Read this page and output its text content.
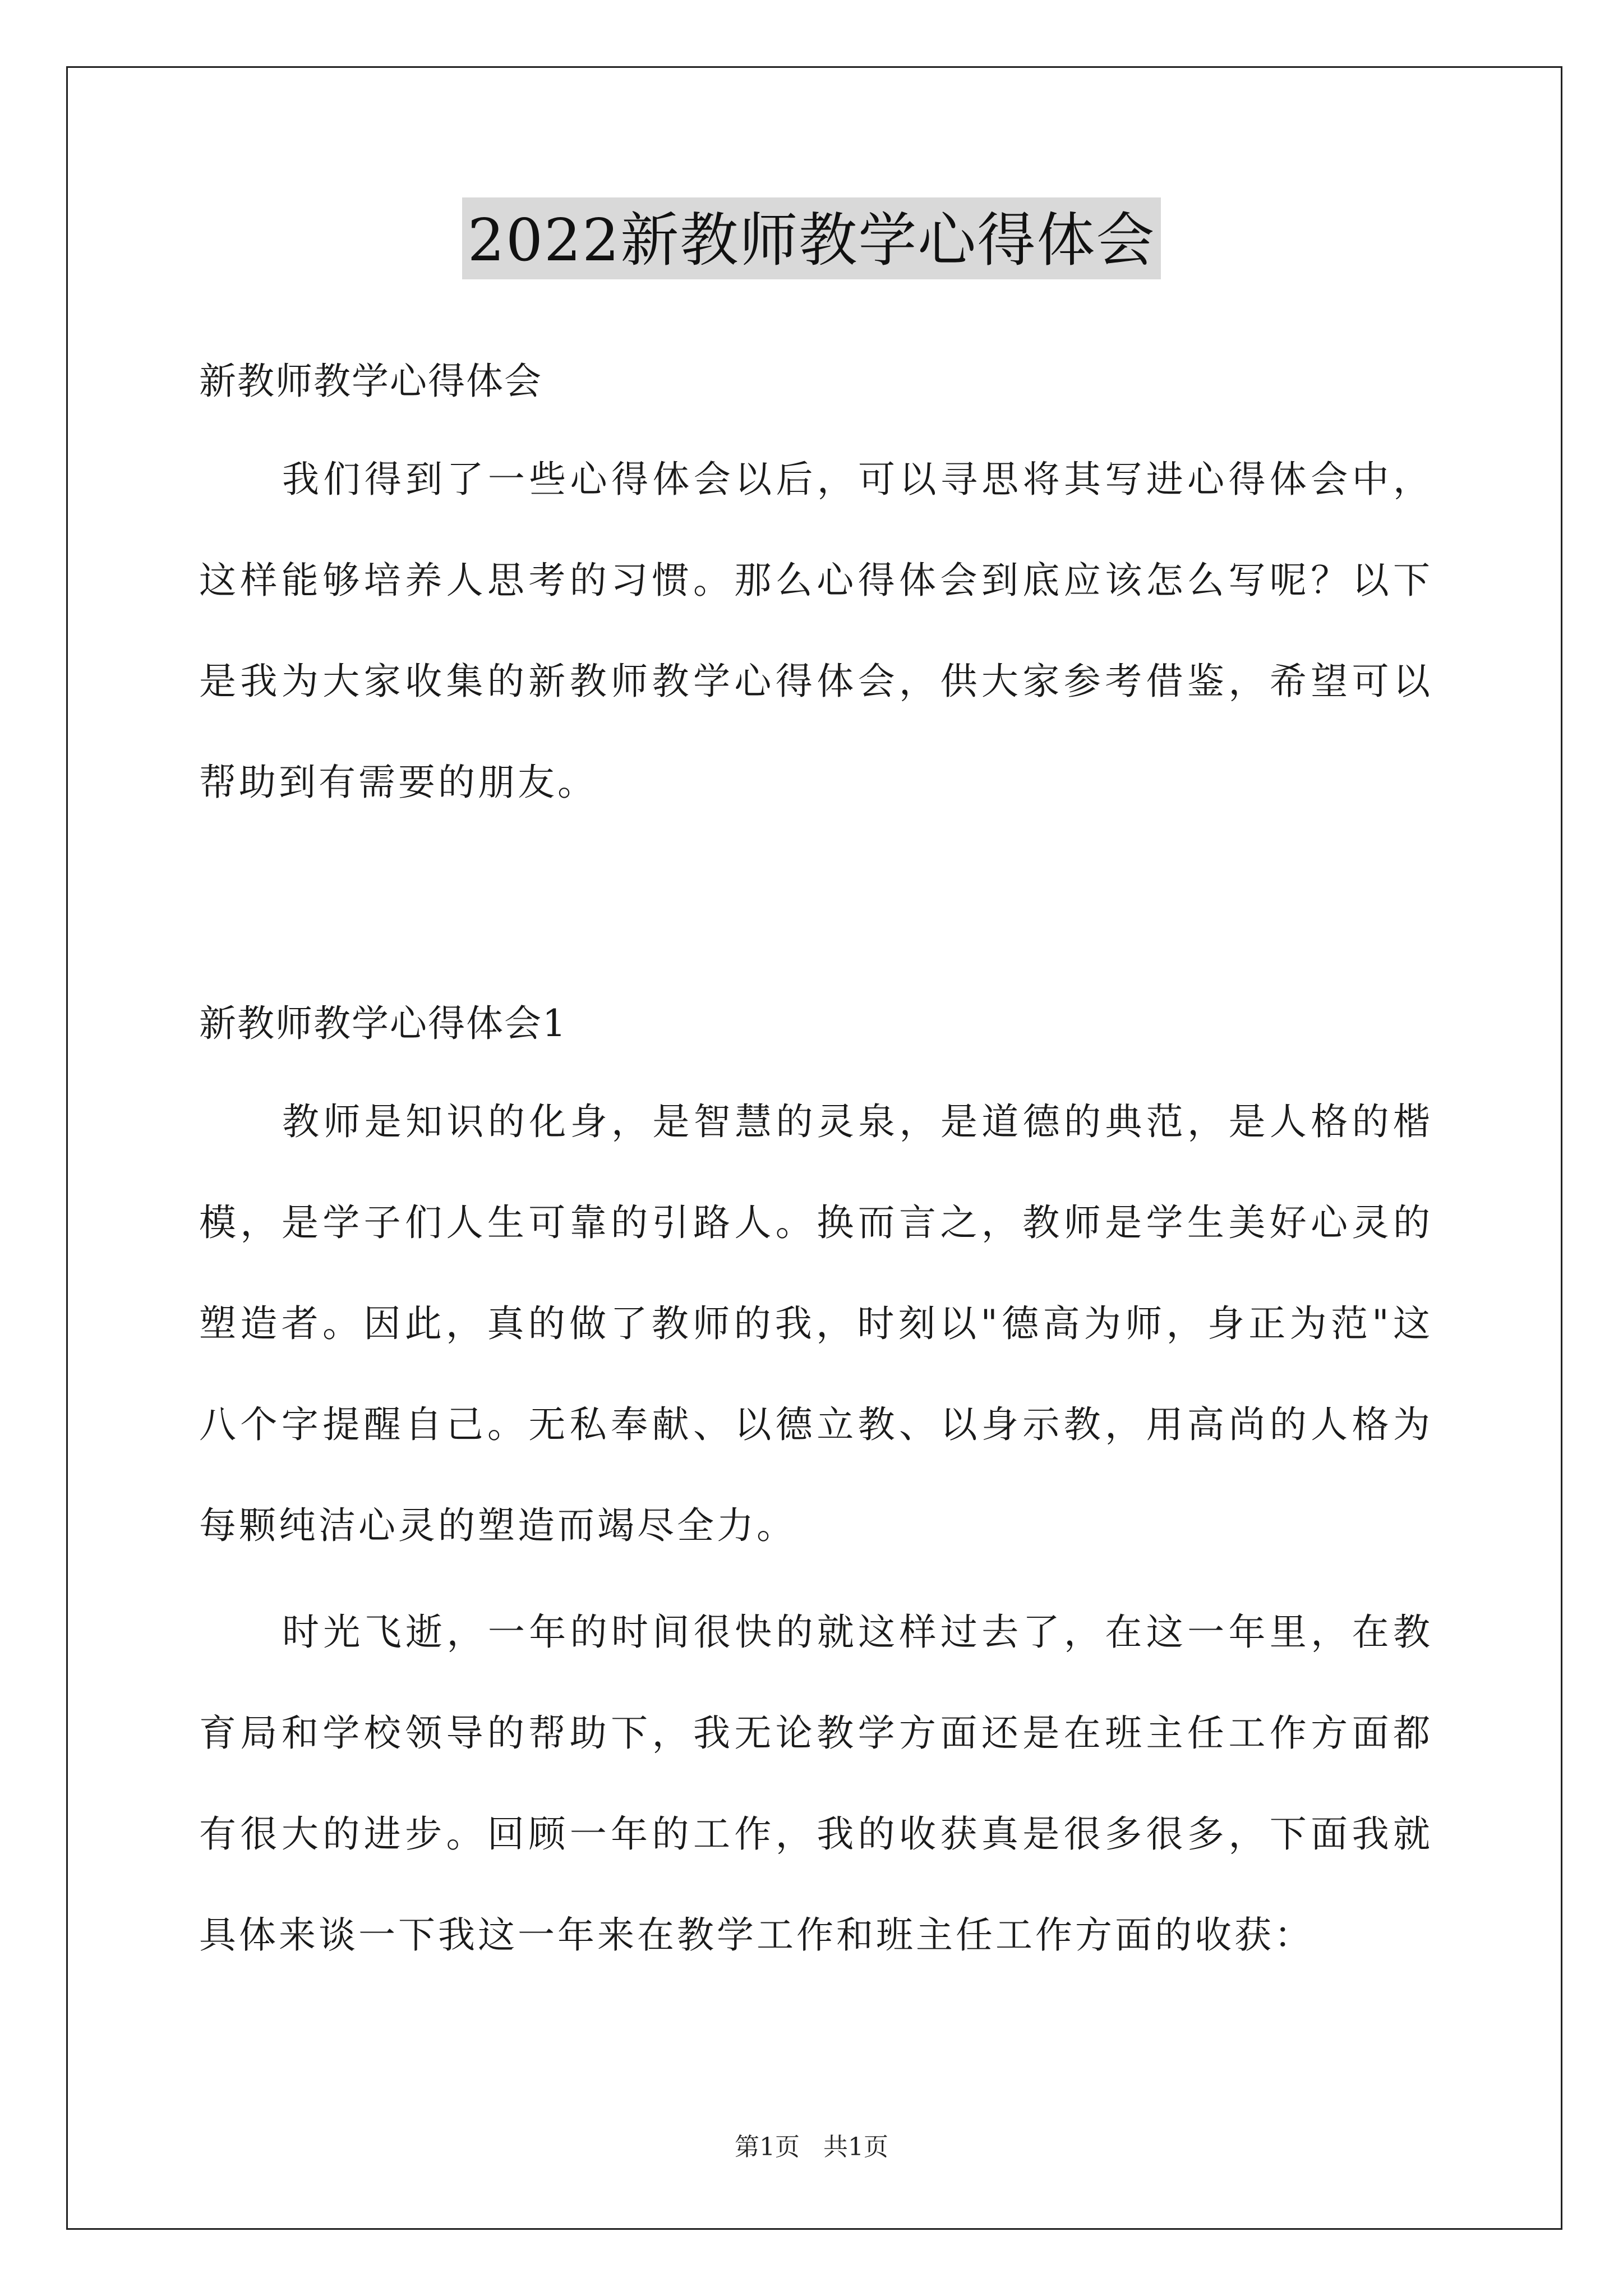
2022新教师教学心得体会

新教师教学心得体会

我们得到了一些心得体会以后，可以寻思将其写进心得体会中，这样能够培养人思考的习惯。那么心得体会到底应该怎么写呢？以下是我为大家收集的新教师教学心得体会，供大家参考借鉴，希望可以帮助到有需要的朋友。

新教师教学心得体会1

教师是知识的化身，是智慧的灵泉，是道德的典范，是人格的楷模，是学子们人生可靠的引路人。换而言之，教师是学生美好心灵的塑造者。因此，真的做了教师的我，时刻以"德高为师，身正为范"这八个字提醒自己。无私奉献、以德立教、以身示教，用高尚的人格为每颗纯洁心灵的塑造而竭尽全力。

时光飞逝，一年的时间很快的就这样过去了，在这一年里，在教育局和学校领导的帮助下，我无论教学方面还是在班主任工作方面都有很大的进步。回顾一年的工作，我的收获真是很多很多，下面我就具体来谈一下我这一年来在教学工作和班主任工作方面的收获：

第1页   共1页
